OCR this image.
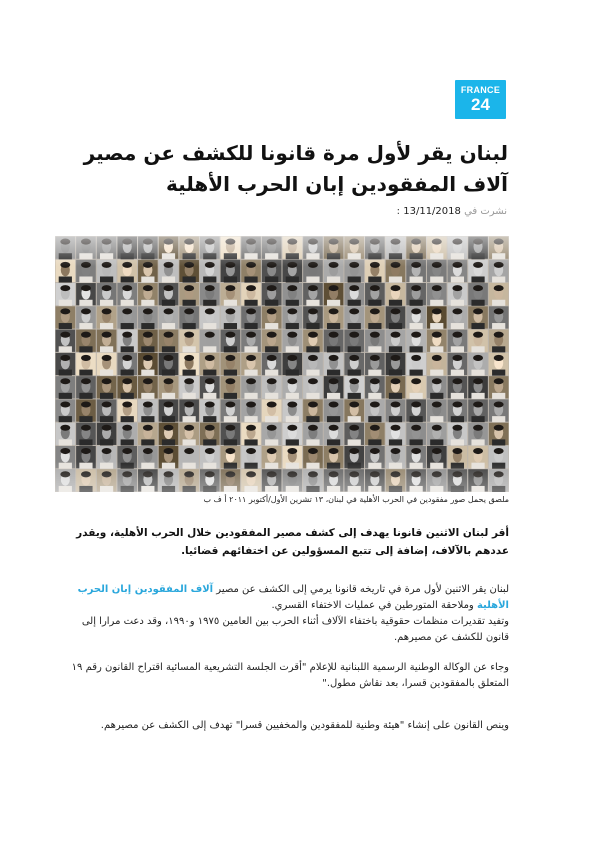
FRANCE
24
لبنان يقر لأول مرة قانونا للكشف عن مصير آلاف المفقودين إبان الحرب الأهلية
نشرت في 13/11/2018 :
ملصق يحمل صور مفقودين في الحرب الأهلية في لبنان، ١٣ تشرين الأول/أكتوبر ٢٠١١ أ ف ب

أقر لبنان الاثنين قانونا يهدف إلى كشف مصير المفقودين خلال الحرب الأهلية، ويقدر عددهم بالآلاف، إضافة إلى تتبع المسؤولين عن اختفائهم قضائيا.

لبنان يقر الاثنين لأول مرة في تاريخه قانونا يرمي إلى الكشف عن مصير آلاف المفقودين إبان الحرب الأهلية وملاحقة المتورطين في عمليات الاختفاء القسري.
وتفيد تقديرات منظمات حقوقية باختفاء الآلاف أثناء الحرب بين العامين ١٩٧٥ و١٩٩٠، وقد دعت مرارا إلى قانون للكشف عن مصيرهم.

وجاء عن الوكالة الوطنية الرسمية اللبنانية للإعلام "أقرت الجلسة التشريعية المسائية اقتراح القانون رقم ١٩ المتعلق بالمفقودين قسرا، بعد نقاش مطول."

وينص القانون على إنشاء "هيئة وطنية للمفقودين والمخفيين قسرا" تهدف إلى الكشف عن مصيرهم.
